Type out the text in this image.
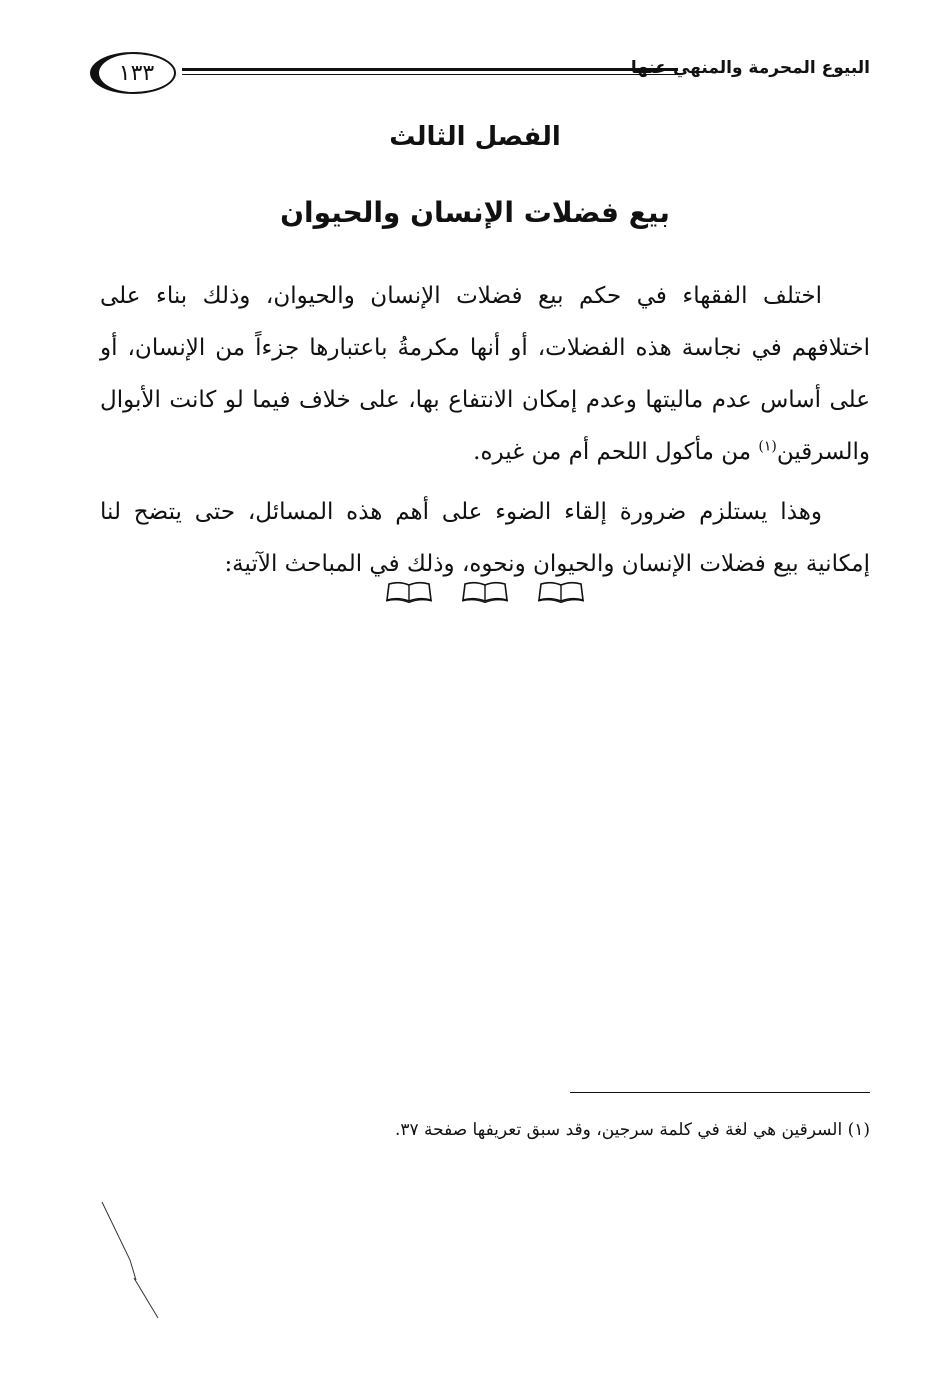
١٣٣	البيوع المحرمة والمنهي عنها
الفصل الثالث
بيع فضلات الإنسان والحيوان

اختلف الفقهاء في حكم بيع فضلات الإنسان والحيوان، وذلك بناء على اختلافهم في نجاسة هذه الفضلات، أو أنها مكرمةُ باعتبارها جزءاً من الإنسان، أو على أساس عدم ماليتها وعدم إمكان الانتفاع بها، على خلاف فيما لو كانت الأبوال والسرقين$^{(١)}$ من مأكول اللحم أم من غيره.

وهذا يستلزم ضرورة إلقاء الضوء على أهم هذه المسائل، حتى يتضح لنا إمكانية بيع فضلات الإنسان والحيوان ونحوه، وذلك في المباحث الآتية:

(١) السرقين هي لغة في كلمة سرجين، وقد سبق تعريفها صفحة ٣٧.
